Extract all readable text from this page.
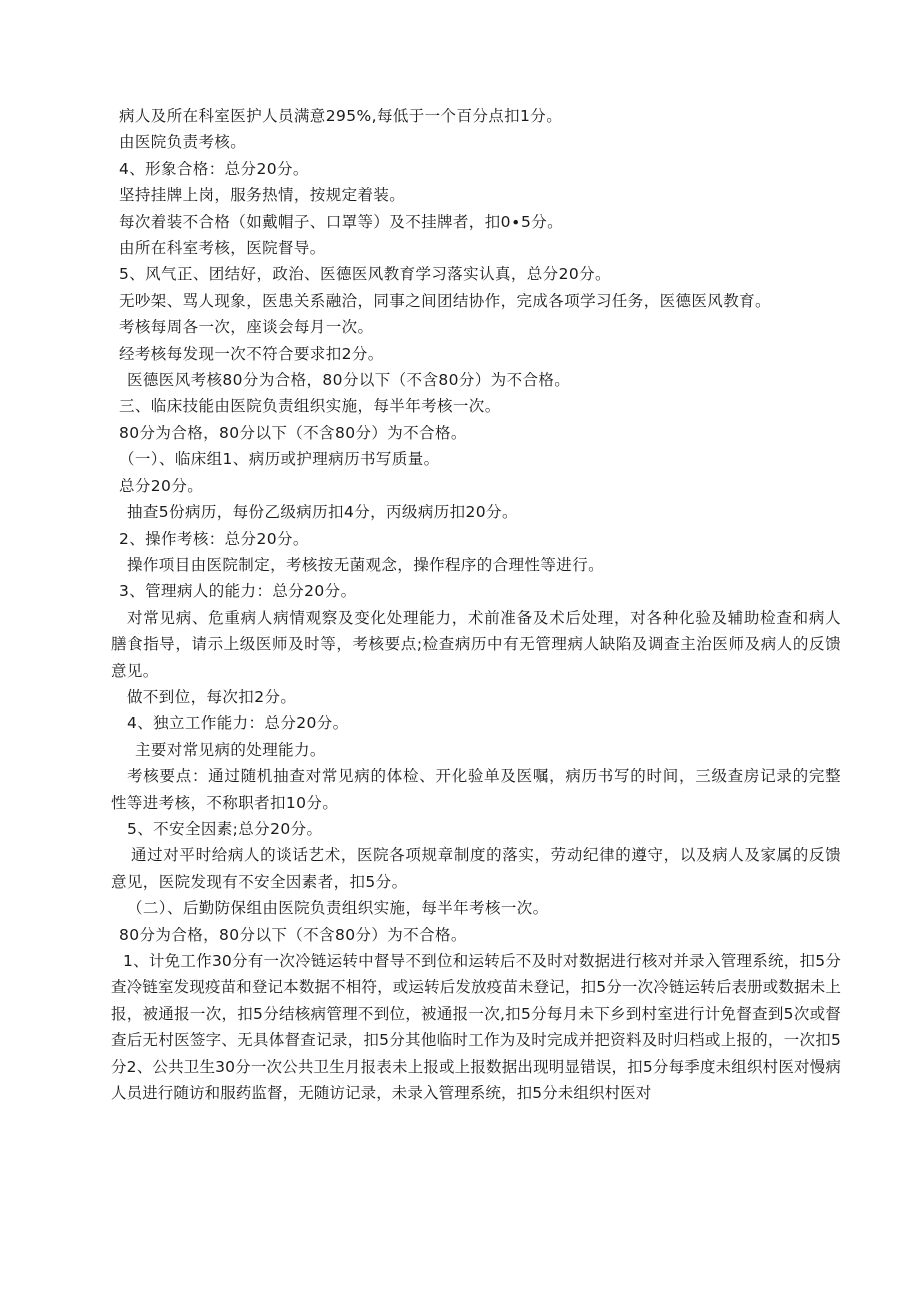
病人及所在科室医护人员满意295%,每低于一个百分点扣1分。

由医院负责考核。

4、形象合格：总分20分。

坚持挂牌上岗，服务热情，按规定着装。

每次着装不合格（如戴帽子、口罩等）及不挂牌者，扣0∙5分。

由所在科室考核，医院督导。

5、风气正、团结好，政治、医德医风教育学习落实认真，总分20分。

无吵架、骂人现象，医患关系融洽，同事之间团结协作，完成各项学习任务，医德医风教育。

考核每周各一次，座谈会每月一次。

经考核每发现一次不符合要求扣2分。

医德医风考核80分为合格，80分以下（不含80分）为不合格。

三、临床技能由医院负责组织实施，每半年考核一次。

80分为合格，80分以下（不含80分）为不合格。

（一）、临床组1、病历或护理病历书写质量。

总分20分。

抽查5份病历，每份乙级病历扣4分，丙级病历扣20分。

2、操作考核：总分20分。

操作项目由医院制定，考核按无菌观念，操作程序的合理性等进行。

3、管理病人的能力：总分20分。

对常见病、危重病人病情观察及变化处理能力，术前准备及术后处理，对各种化验及辅助检查和病人膳食指导，请示上级医师及时等，考核要点;检查病历中有无管理病人缺陷及调查主治医师及病人的反馈意见。

做不到位，每次扣2分。

4、独立工作能力：总分20分。

主要对常见病的处理能力。

考核要点：通过随机抽查对常见病的体检、开化验单及医嘱，病历书写的时间，三级查房记录的完整性等进考核，不称职者扣10分。

5、不安全因素;总分20分。

通过对平时给病人的谈话艺术，医院各项规章制度的落实，劳动纪律的遵守，以及病人及家属的反馈意见，医院发现有不安全因素者，扣5分。

（二）、后勤防保组由医院负责组织实施，每半年考核一次。

80分为合格，80分以下（不含80分）为不合格。

1、计免工作30分有一次冷链运转中督导不到位和运转后不及时对数据进行核对并录入管理系统，扣5分查冷链室发现疫苗和登记本数据不相符，或运转后发放疫苗未登记，扣5分一次冷链运转后表册或数据未上报，被通报一次，扣5分结核病管理不到位，被通报一次,扣5分每月未下乡到村室进行计免督查到5次或督查后无村医签字、无具体督查记录，扣5分其他临时工作为及时完成并把资料及时归档或上报的，一次扣5分2、公共卫生30分一次公共卫生月报表未上报或上报数据出现明显错误，扣5分每季度未组织村医对慢病人员进行随访和服药监督，无随访记录，未录入管理系统，扣5分未组织村医对
